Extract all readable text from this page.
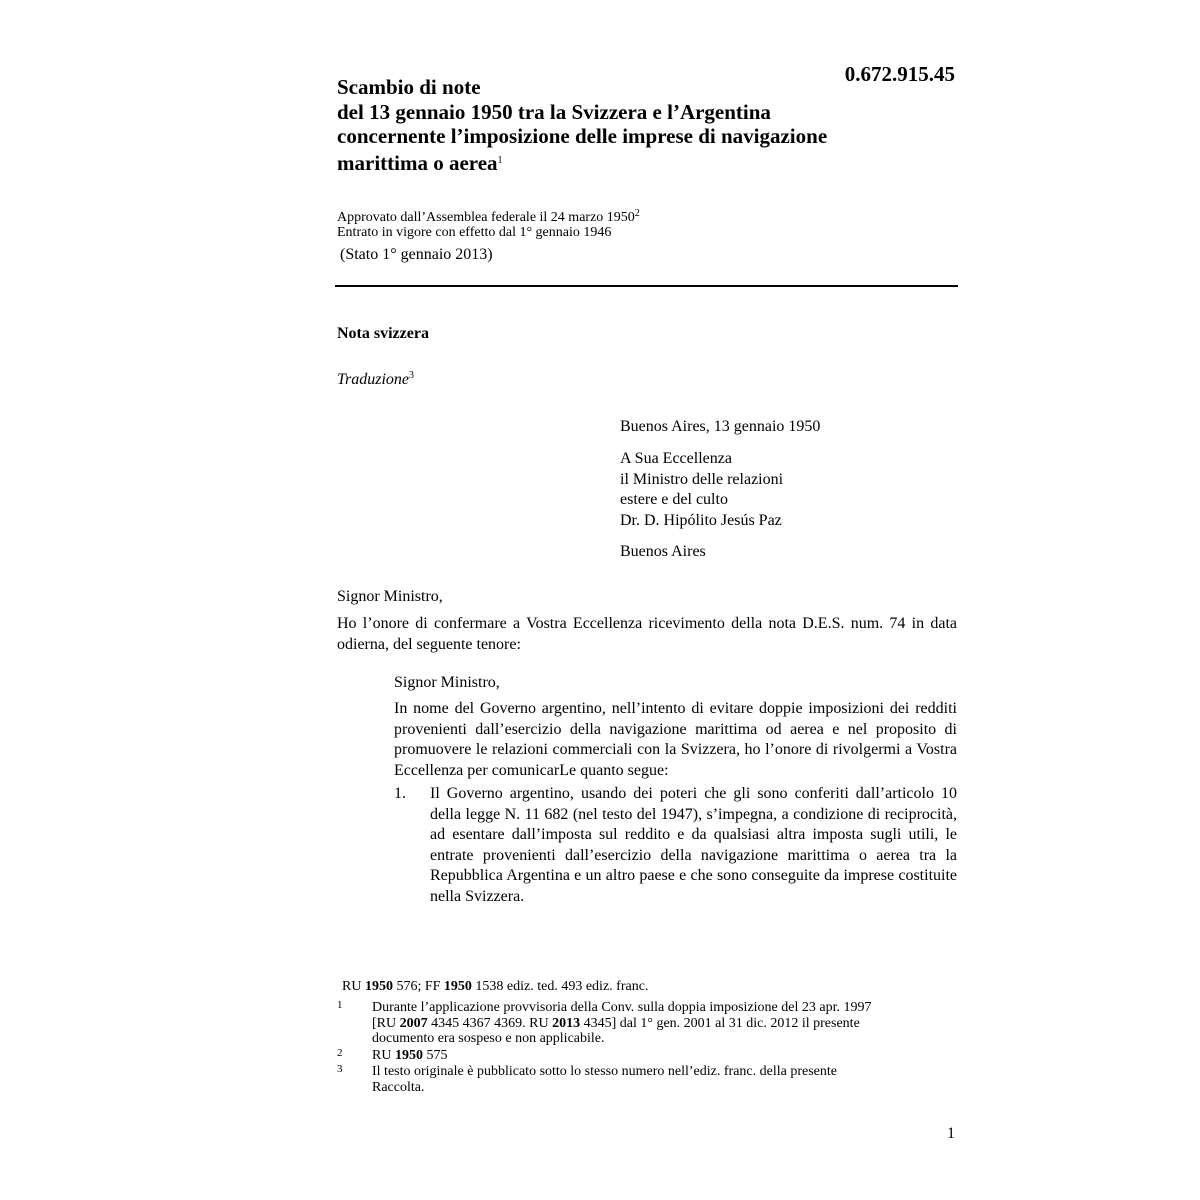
0.672.915.45
Scambio di note
del 13 gennaio 1950 tra la Svizzera e l’Argentina
concernente l’imposizione delle imprese di navigazione
marittima o aerea$^1$
Approvato dall’Assemblea federale il 24 marzo 1950$^2$
Entrato in vigore con effetto dal 1° gennaio 1946
(Stato 1° gennaio 2013)
Nota svizzera
Traduzione$^3$
Buenos Aires, 13 gennaio 1950
A Sua Eccellenza
il Ministro delle relazioni
estere e del culto
Dr. D. Hipólito Jesús Paz
Buenos Aires
Signor Ministro,
Ho l’onore di confermare a Vostra Eccellenza ricevimento della nota D.E.S. num. 74 in data odierna, del seguente tenore:
Signor Ministro,
In nome del Governo argentino, nell’intento di evitare doppie imposizioni dei redditi provenienti dall’esercizio della navigazione marittima od aerea e nel proposito di promuovere le relazioni commerciali con la Svizzera, ho l’onore di rivolgermi a Vostra Eccellenza per comunicarLe quanto segue:
1. Il Governo argentino, usando dei poteri che gli sono conferiti dall’articolo 10 della legge N. 11 682 (nel testo del 1947), s’impegna, a condizione di reciprocità, ad esentare dall’imposta sul reddito e da qualsiasi altra imposta sugli utili, le entrate provenienti dall’esercizio della navigazione marittima o aerea tra la Repubblica Argentina e un altro paese e che sono conseguite da imprese costituite nella Svizzera.
RU 1950 576; FF 1950 1538 ediz. ted. 493 ediz. franc.
1 Durante l’applicazione provvisoria della Conv. sulla doppia imposizione del 23 apr. 1997
[RU 2007 4345 4367 4369. RU 2013 4345] dal 1° gen. 2001 al 31 dic. 2012 il presente
documento era sospeso e non applicabile.
2 RU 1950 575
3 Il testo originale è pubblicato sotto lo stesso numero nell’ediz. franc. della presente
Raccolta.
1
